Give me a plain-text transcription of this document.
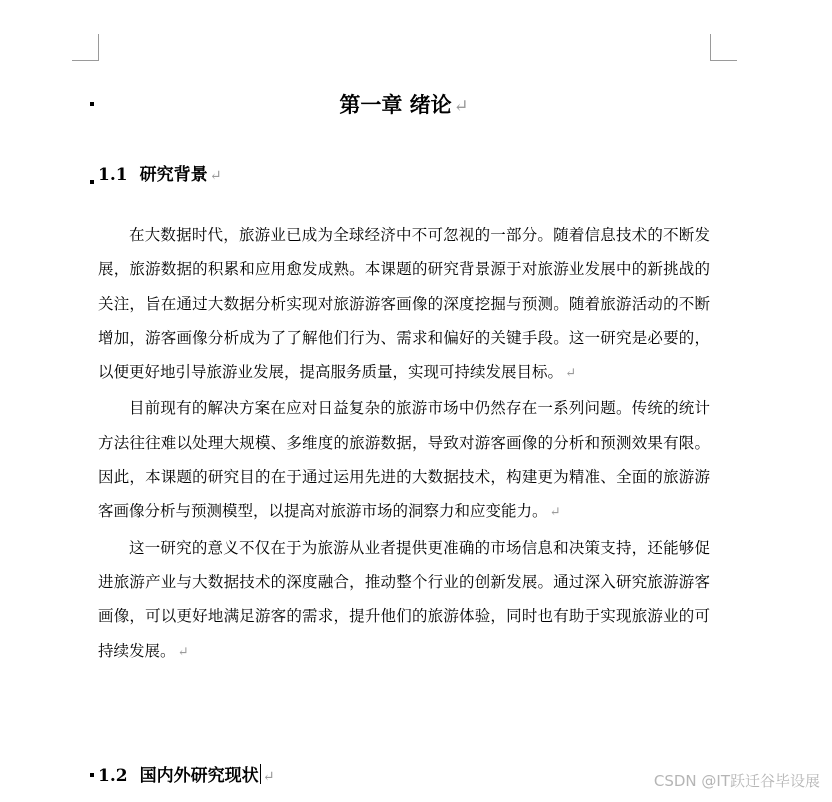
第一章 绪论 ↵
1.1 研究背景 ↵

在大数据时代，旅游业已成为全球经济中不可忽视的一部分。随着信息技术的不断发展，旅游数据的积累和应用愈发成熟。本课题的研究背景源于对旅游业发展中的新挑战的关注，旨在通过大数据分析实现对旅游游客画像的深度挖掘与预测。随着旅游活动的不断增加，游客画像分析成为了了解他们行为、需求和偏好的关键手段。这一研究是必要的，以便更好地引导旅游业发展，提高服务质量，实现可持续发展目标。 ↵

目前现有的解决方案在应对日益复杂的旅游市场中仍然存在一系列问题。传统的统计方法往往难以处理大规模、多维度的旅游数据，导致对游客画像的分析和预测效果有限。因此，本课题的研究目的在于通过运用先进的大数据技术，构建更为精准、全面的旅游游客画像分析与预测模型，以提高对旅游市场的洞察力和应变能力。 ↵

这一研究的意义不仅在于为旅游从业者提供更准确的市场信息和决策支持，还能够促进旅游产业与大数据技术的深度融合，推动整个行业的创新发展。通过深入研究旅游游客画像，可以更好地满足游客的需求，提升他们的旅游体验，同时也有助于实现旅游业的可持续发展。 ↵

1.2 国内外研究现状 ↵	CSDN @IT跃迁谷毕设展
